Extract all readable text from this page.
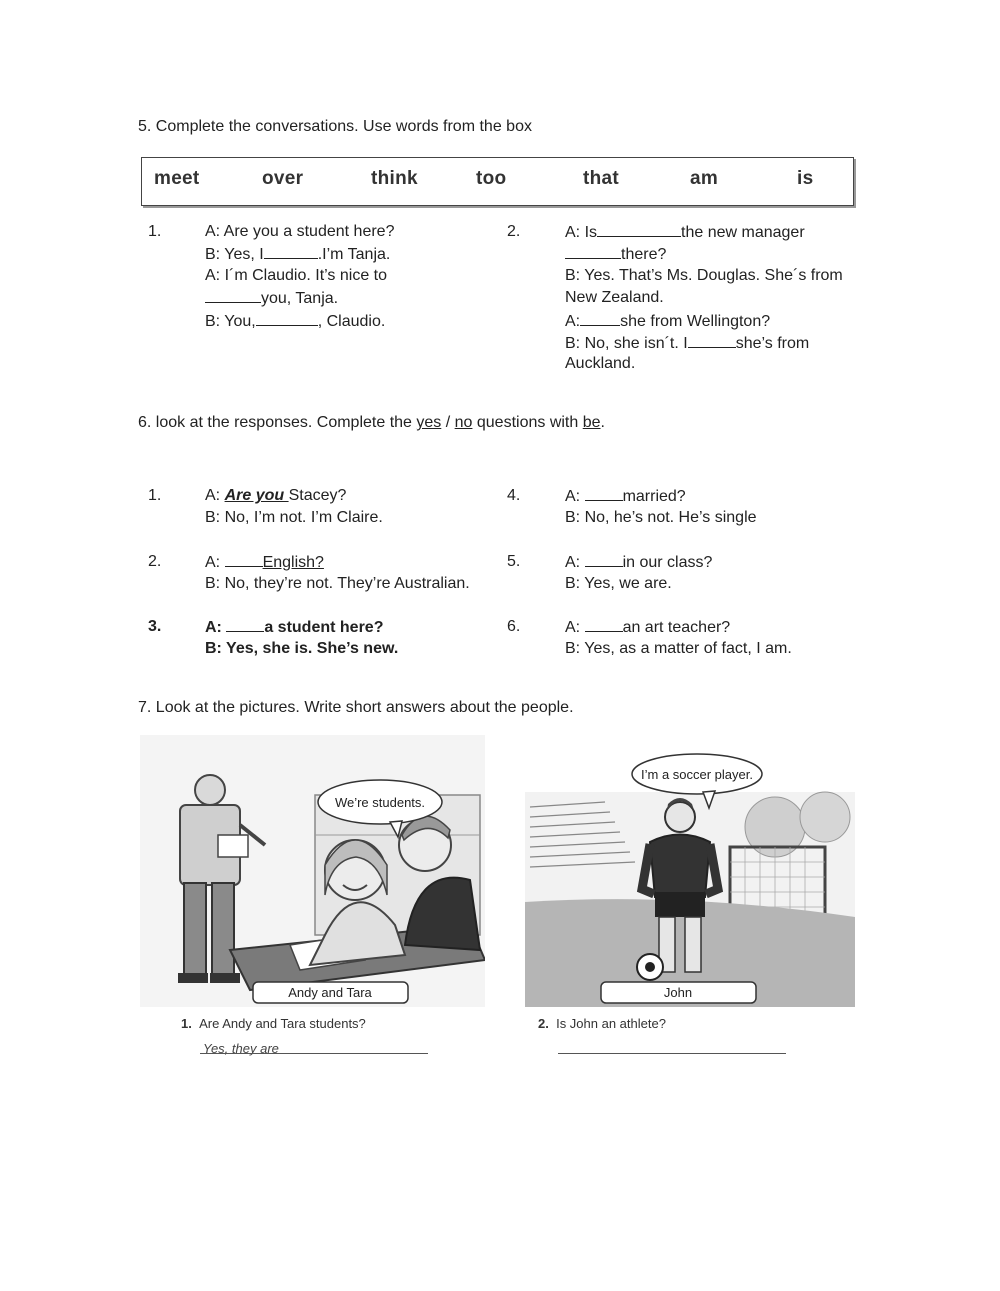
5. Complete the conversations. Use words from the box
meet	over	think	too	that	am	is
1.	A: Are you a student here?
B: Yes, I	.I’m Tanja.
A: I´m Claudio. It’s nice to
you, Tanja.
B: You,	, Claudio.
2.	A: Is	the new manager
there?
B: Yes. That’s Ms. Douglas. She´s from
New Zealand.
A:	she from Wellington?
B: No, she isn´t. I	she’s from
Auckland.
6. look at the responses. Complete the yes / no questions with be.
1.	A: Are you Stacey?
B: No, I’m not. I’m Claire.
2.	A: English?
B: No, they’re not. They’re Australian.
3.	A: a student here?
B: Yes, she is. She’s new.
4.	A: married?
B: No, he’s not. He’s single
5.	A: in our class?
B: Yes, we are.
6.	A: an art teacher?
B: Yes, as a matter of fact, I am.
7. Look at the pictures. Write short answers about the people.
We’re students.
Andy and Tara
I’m a soccer player.
John
1. Are Andy and Tara students?
Yes, they are
2. Is John an athlete?
